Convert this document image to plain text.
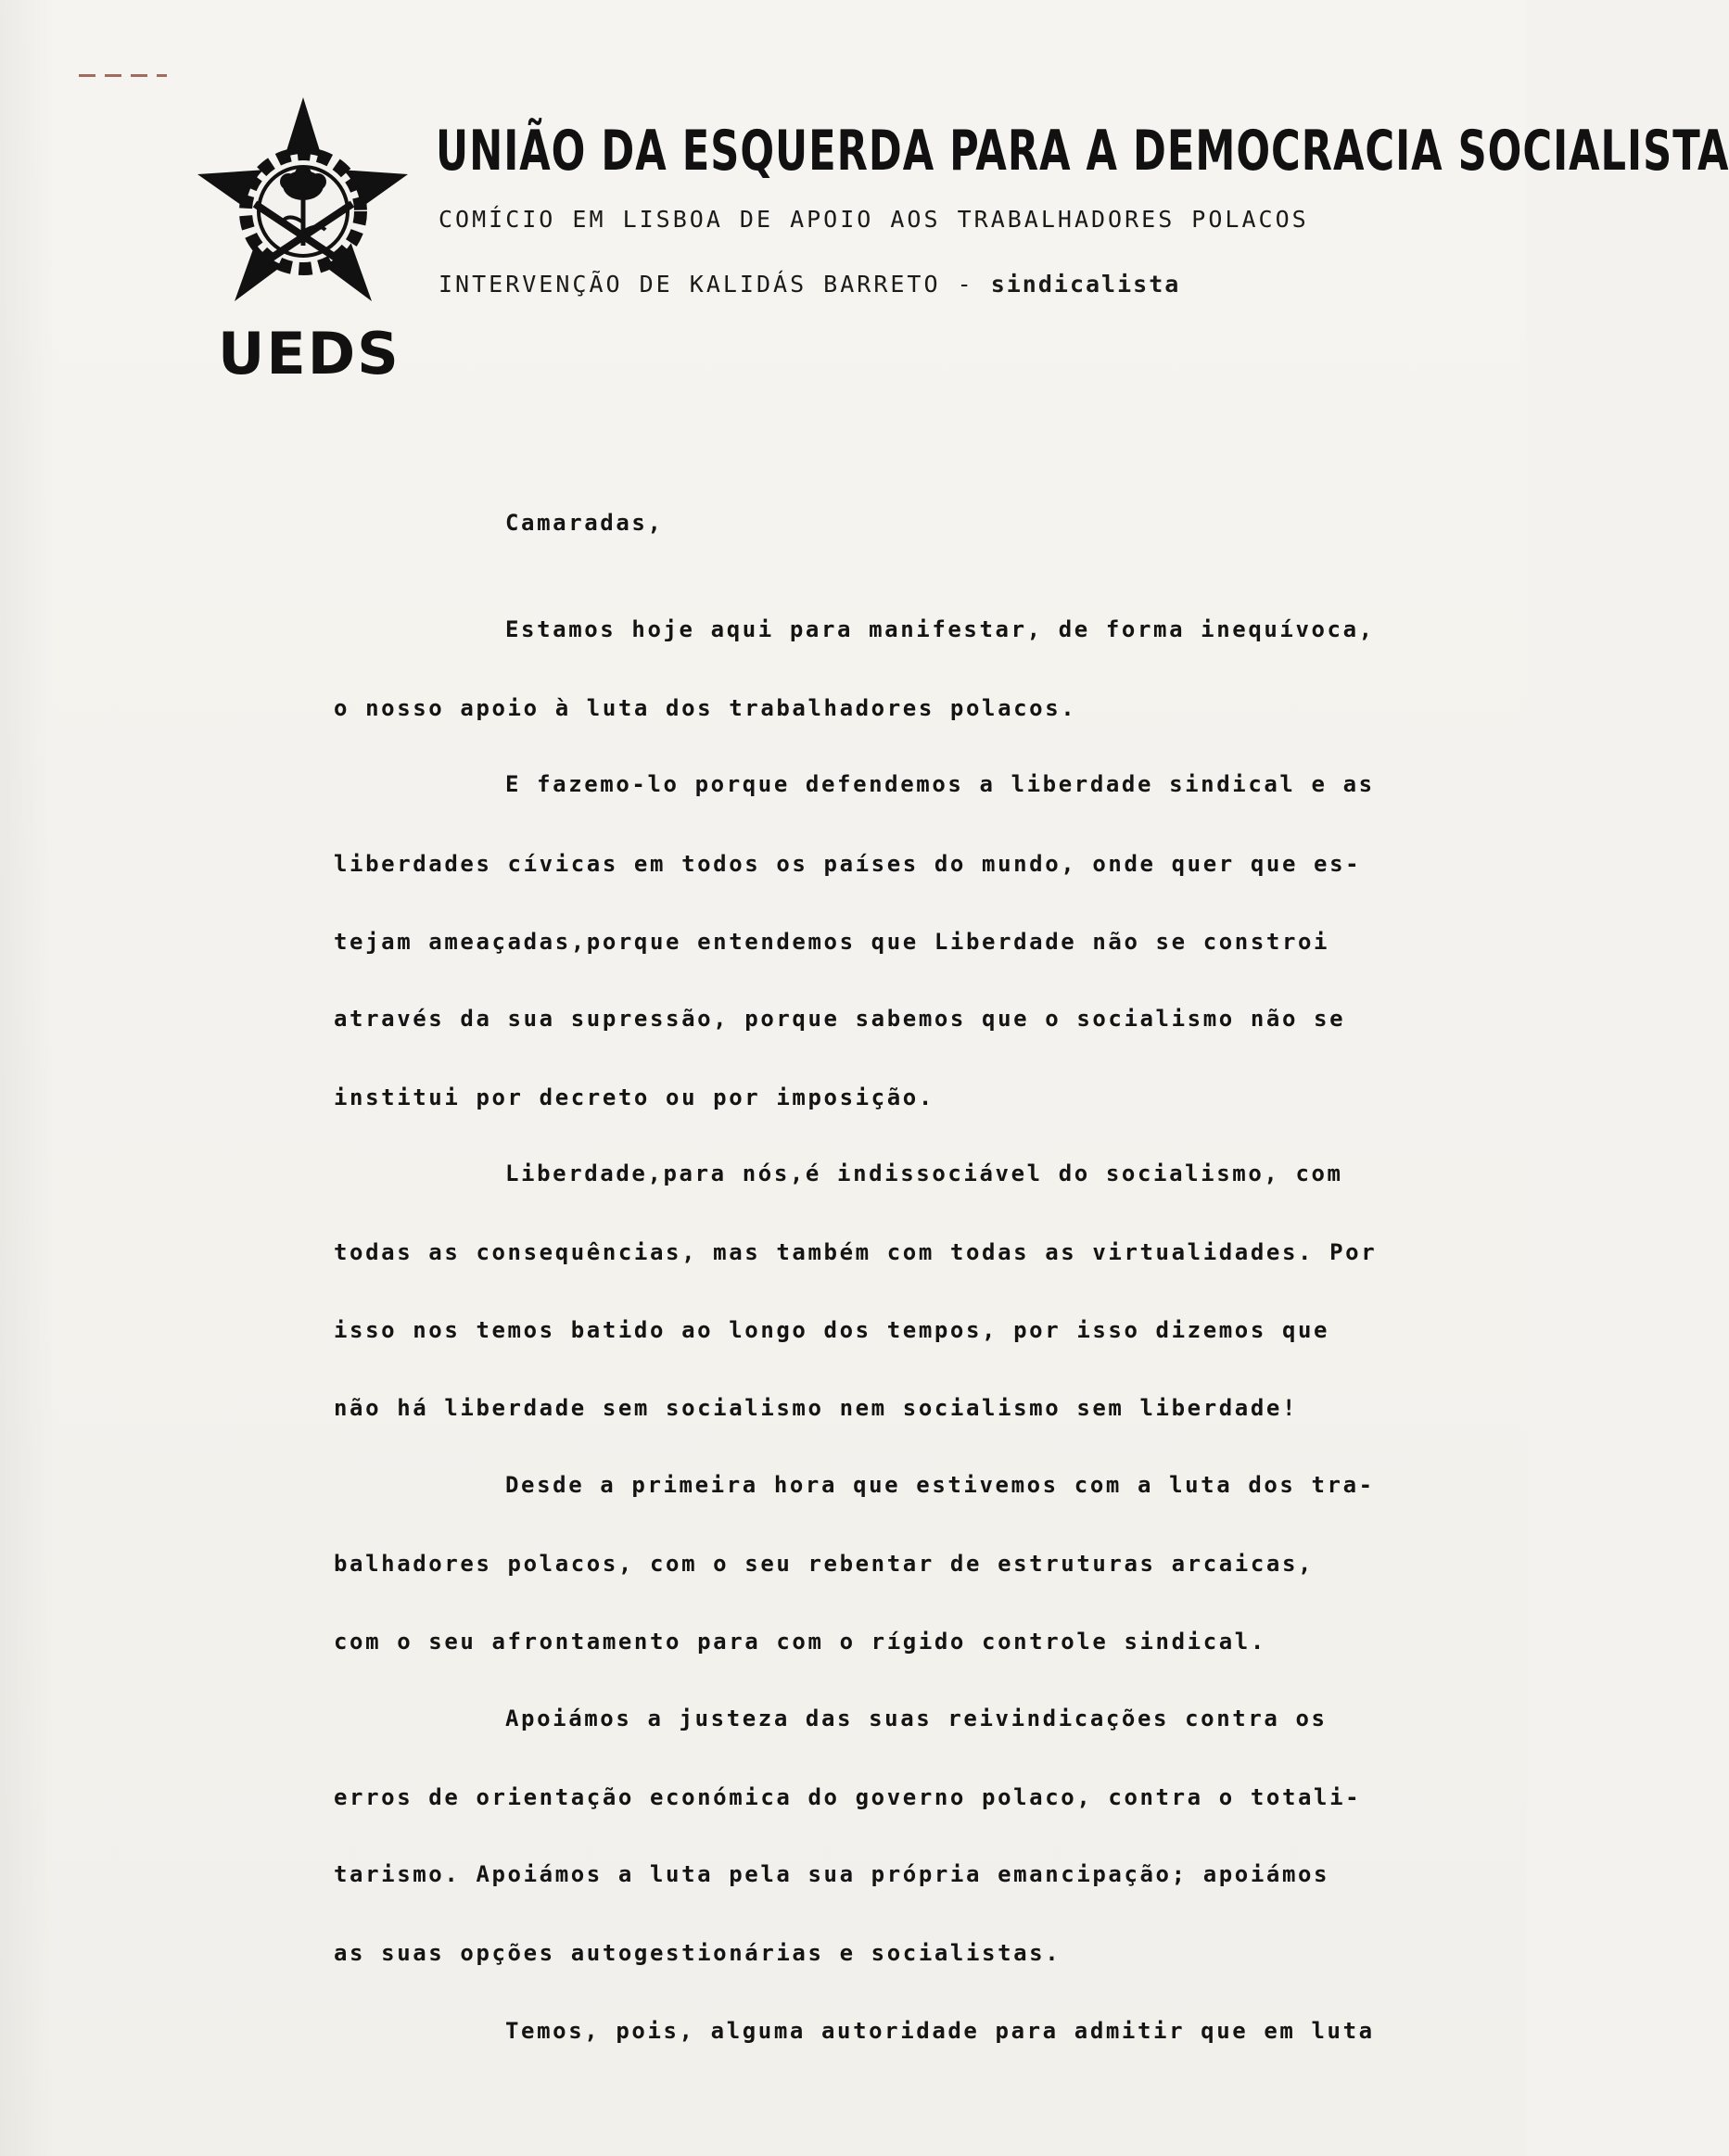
UEDS
UNIÃO DA ESQUERDA PARA A DEMOCRACIA SOCIALISTA
COMÍCIO EM LISBOA DE APOIO AOS TRABALHADORES POLACOS
INTERVENÇÃO DE KALIDÁS BARRETO - sindicalista
Camaradas,
Estamos hoje aqui para manifestar, de forma inequívoca,
o nosso apoio à luta dos trabalhadores polacos.
E fazemo-lo porque defendemos a liberdade sindical e as
liberdades cívicas em todos os países do mundo, onde quer que es-
tejam ameaçadas,porque entendemos que Liberdade não se constroi
através da sua supressão, porque sabemos que o socialismo não se
institui por decreto ou por imposição.
Liberdade,para nós,é indissociável do socialismo, com
todas as consequências, mas também com todas as virtualidades. Por
isso nos temos batido ao longo dos tempos, por isso dizemos que
não há liberdade sem socialismo nem socialismo sem liberdade!
Desde a primeira hora que estivemos com a luta dos tra-
balhadores polacos, com o seu rebentar de estruturas arcaicas,
com o seu afrontamento para com o rígido controle sindical.
Apoiámos a justeza das suas reivindicações contra os
erros de orientação económica do governo polaco, contra o totali-
tarismo. Apoiámos a luta pela sua própria emancipação; apoiámos
as suas opções autogestionárias e socialistas.
Temos, pois, alguma autoridade para admitir que em luta
